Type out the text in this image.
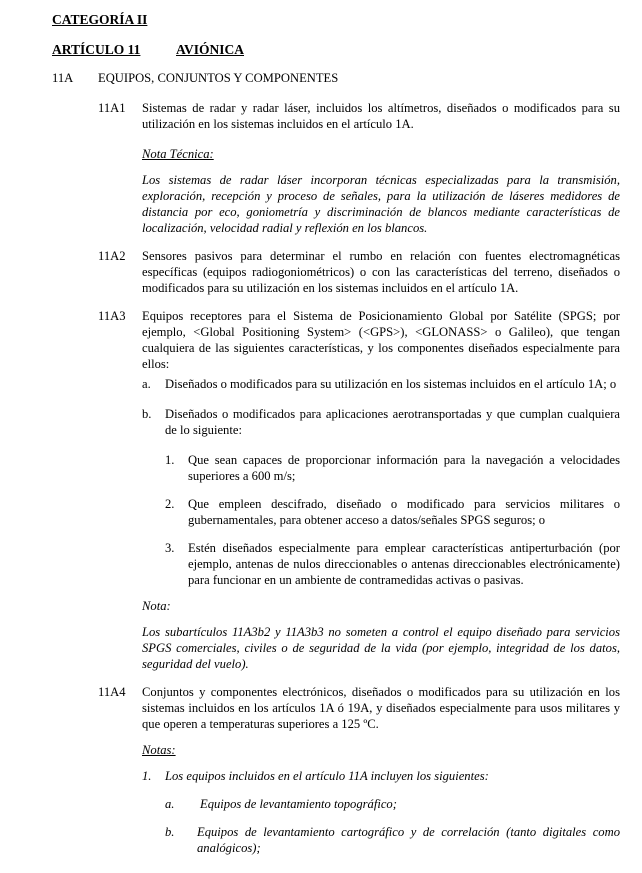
CATEGORÍA II
ARTÍCULO 11	AVIÓNICA
11A EQUIPOS, CONJUNTOS Y COMPONENTES
11A1 Sistemas de radar y radar láser, incluidos los altímetros, diseñados o modificados para su
utilización en los sistemas incluidos en el artículo 1A.
Nota Técnica:
Los sistemas de radar láser incorporan técnicas especializadas para la transmisión,
exploración, recepción y proceso de señales, para la utilización de láseres medidores de
distancia por eco, goniometría y discriminación de blancos mediante características de
localización, velocidad radial y reflexión en los blancos.
11A2 Sensores pasivos para determinar el rumbo en relación con fuentes electromagnéticas
específicas (equipos radiogoniométricos) o con las características del terreno, diseñados o
modificados para su utilización en los sistemas incluidos en el artículo 1A.
11A3 Equipos receptores para el Sistema de Posicionamiento Global por Satélite (SPGS; por
ejemplo, <Global Positioning System> (<GPS>), <GLONASS> o Galileo), que tengan
cualquiera de las siguientes características, y los componentes diseñados especialmente para
ellos:
a. Diseñados o modificados para su utilización en los sistemas incluidos en el artículo 1A; o
b. Diseñados o modificados para aplicaciones aerotransportadas y que cumplan cualquiera
de lo siguiente:
1. Que sean capaces de proporcionar información para la navegación a velocidades
superiores a 600 m/s;
2. Que empleen descifrado, diseñado o modificado para servicios militares o
gubernamentales, para obtener acceso a datos/señales SPGS seguros; o
3. Estén diseñados especialmente para emplear características antiperturbación (por
ejemplo, antenas de nulos direccionables o antenas direccionables electrónicamente)
para funcionar en un ambiente de contramedidas activas o pasivas.
Nota:
Los subartículos 11A3b2 y 11A3b3 no someten a control el equipo diseñado para servicios
SPGS comerciales, civiles o de seguridad de la vida (por ejemplo, integridad de los datos,
seguridad del vuelo).
11A4 Conjuntos y componentes electrónicos, diseñados o modificados para su utilización en los
sistemas incluidos en los artículos 1A ó 19A, y diseñados especialmente para usos militares y
que operen a temperaturas superiores a 125 ºC.
Notas:
1. Los equipos incluidos en el artículo 11A incluyen los siguientes:
a. Equipos de levantamiento topográfico;
b. Equipos de levantamiento cartográfico y de correlación (tanto digitales como
analógicos);
